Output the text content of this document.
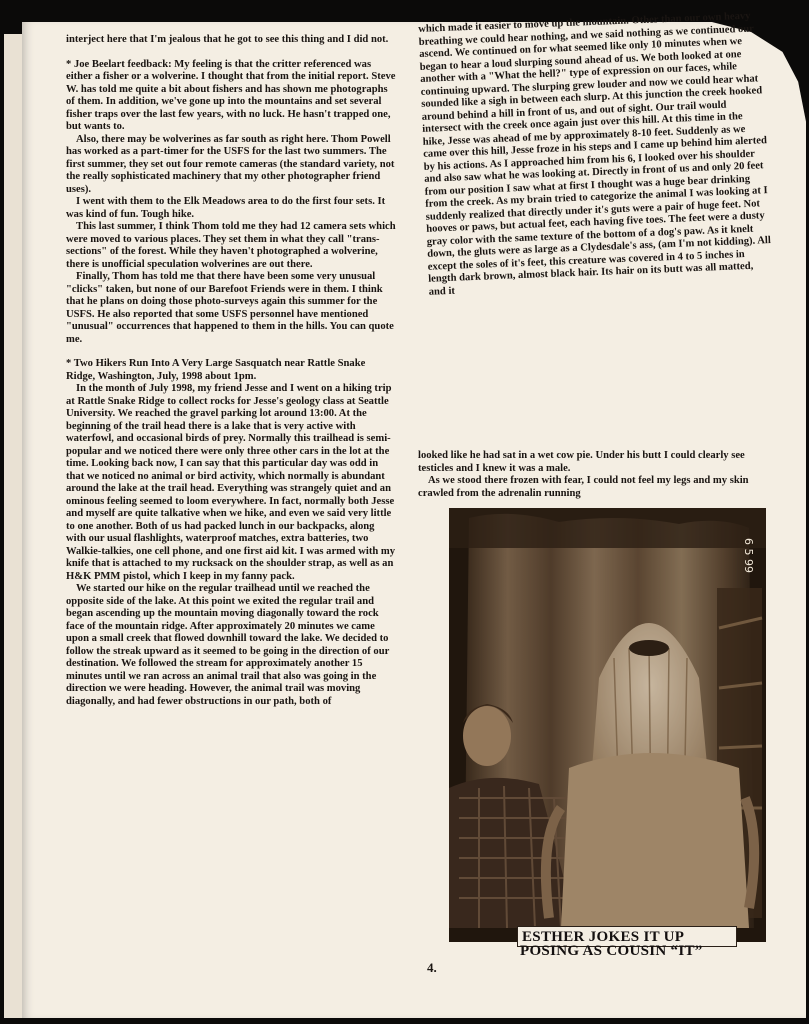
interject here that I'm jealous that he got to see this thing and I did not.

* Joe Beelart feedback: My feeling is that the critter referenced was either a fisher or a wolverine. I thought that from the initial report. Steve W. has told me quite a bit about fishers and has shown me photographs of them. In addition, we've gone up into the mountains and set several fisher traps over the last few years, with no luck. He hasn't trapped one, but wants to.

Also, there may be wolverines as far south as right here. Thom Powell has worked as a part-timer for the USFS for the last two summers. The first summer, they set out four remote cameras (the standard variety, not the really sophisticated machinery that my other photographer friend uses).

I went with them to the Elk Meadows area to do the first four sets. It was kind of fun. Tough hike.

This last summer, I think Thom told me they had 12 camera sets which were moved to various places. They set them in what they call "trans-sections" of the forest. While they haven't photographed a wolverine, there is unofficial speculation wolverines are out there.

Finally, Thom has told me that there have been some very unusual "clicks" taken, but none of our Barefoot Friends were in them. I think that he plans on doing those photo-surveys again this summer for the USFS. He also reported that some USFS personnel have mentioned "unusual" occurrences that happened to them in the hills. You can quote me.

* Two Hikers Run Into A Very Large Sasquatch near Rattle Snake Ridge, Washington, July, 1998 about 1pm.

In the month of July 1998, my friend Jesse and I went on a hiking trip at Rattle Snake Ridge to collect rocks for Jesse's geology class at Seattle University. We reached the gravel parking lot around 13:00. At the beginning of the trail head there is a lake that is very active with waterfowl, and occasional birds of prey. Normally this trailhead is semi-popular and we noticed there were only three other cars in the lot at the time. Looking back now, I can say that this particular day was odd in that we noticed no animal or bird activity, which normally is abundant around the lake at the trail head. Everything was strangely quiet and an ominous feeling seemed to loom everywhere. In fact, normally both Jesse and myself are quite talkative when we hike, and even we said very little to one another. Both of us had packed lunch in our backpacks, along with our usual flashlights, waterproof matches, extra batteries, two Walkie-talkies, one cell phone, and one first aid kit. I was armed with my knife that is attached to my rucksack on the shoulder strap, as well as an H&K PMM pistol, which I keep in my fanny pack.

We started our hike on the regular trailhead until we reached the opposite side of the lake. At this point we exited the regular trail and began ascending up the mountain moving diagonally toward the rock face of the mountain ridge. After approximately 20 minutes we came upon a small creek that flowed downhill toward the lake. We decided to follow the streak upward as it seemed to be going in the direction of our destination. We followed the stream for approximately another 15 minutes until we ran across an animal trail that also was going in the direction we were heading. However, the animal trail was moving diagonally, and had fewer obstructions in our path, both of

which made it easier to move up the mountain. Other than our own heavy breathing we could hear nothing, and we said nothing as we continued our ascend. We continued on for what seemed like only 10 minutes when we began to hear a loud slurping sound ahead of us. We both looked at one another with a "What the hell?" type of expression on our faces, while continuing upward. The slurping grew louder and now we could hear what sounded like a sigh in between each slurp. At this junction the creek hooked around behind a hill in front of us, and out of sight. Our trail would intersect with the creek once again just over this hill. At this time in the hike, Jesse was ahead of me by approximately 8-10 feet. Suddenly as we came over this hill, Jesse froze in his steps and I came up behind him alerted by his actions. As I approached him from his 6, I looked over his shoulder and also saw what he was looking at. Directly in front of us and only 20 feet from our position I saw what at first I thought was a huge bear drinking from the creek. As my brain tried to categorize the animal I was looking at I suddenly realized that directly under it's guts were a pair of huge feet. Not hooves or paws, but actual feet, each having five toes. The feet were a dusty gray color with the same texture of the bottom of a dog's paw. As it knelt down, the gluts were as large as a Clydesdale's ass, (am I'm not kidding). All except the soles of it's feet, this creature was covered in 4 to 5 inches in length dark brown, almost black hair. Its hair on its butt was all matted, and it

looked like he had sat in a wet cow pie. Under his butt I could clearly see testicles and I knew it was a male.

As we stood there frozen with fear, I could not feel my legs and my skin crawled from the adrenalin running

6 5 99
ESTHER JOKES IT UP
POSING AS COUSIN “IT”
4.
